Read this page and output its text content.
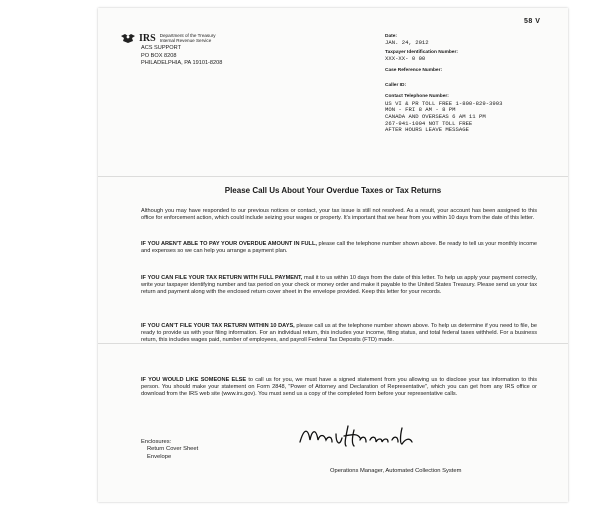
58 V
IRS Department of the Treasury
Internal Revenue Service
ACS SUPPORT
PO BOX 8208
PHILADELPHIA, PA 19101-8208
Date:
JAN. 24, 2012
Taxpayer Identification Number:
XXX-XX- 0 00
Case Reference Number:
Caller ID:
Contact Telephone Number:
US VI & PR TOLL FREE 1-800-829-3903
MON - FRI 8 AM - 8 PM
CANADA AND OVERSEAS 6 AM 11 PM
267-941-1004 NOT TOLL FREE
AFTER HOURS LEAVE MESSAGE
Please Call Us About Your Overdue Taxes or Tax Returns
Although you may have responded to our previous notices or contact, your tax issue is still not resolved. As a result, your account has been assigned to this office for enforcement action, which could include seizing your wages or property. It's important that we hear from you within 10 days from the date of this letter.
IF YOU AREN'T ABLE TO PAY YOUR OVERDUE AMOUNT IN FULL, please call the telephone number shown above. Be ready to tell us your monthly income and expenses so we can help you arrange a payment plan.
IF YOU CAN FILE YOUR TAX RETURN WITH FULL PAYMENT, mail it to us within 10 days from the date of this letter. To help us apply your payment correctly, write your taxpayer identifying number and tax period on your check or money order and make it payable to the United States Treasury. Please send us your tax return and payment along with the enclosed return cover sheet in the envelope provided. Keep this letter for your records.
IF YOU CAN'T FILE YOUR TAX RETURN WITHIN 10 DAYS, please call us at the telephone number shown above. To help us determine if you need to file, be ready to provide us with your filing information. For an individual return, this includes your income, filing status, and total federal taxes withheld. For a business return, this includes wages paid, number of employees, and payroll Federal Tax Deposits (FTD) made.
IF YOU WOULD LIKE SOMEONE ELSE to call us for you, we must have a signed statement from you allowing us to disclose your tax information to this person. You should make your statement on Form 2848, "Power of Attorney and Declaration of Representative", which you can get from any IRS office or download from the IRS web site (www.irs.gov). You must send us a copy of the completed form before your representative calls.
Enclosures:
Return Cover Sheet
Envelope
Operations Manager, Automated Collection System
